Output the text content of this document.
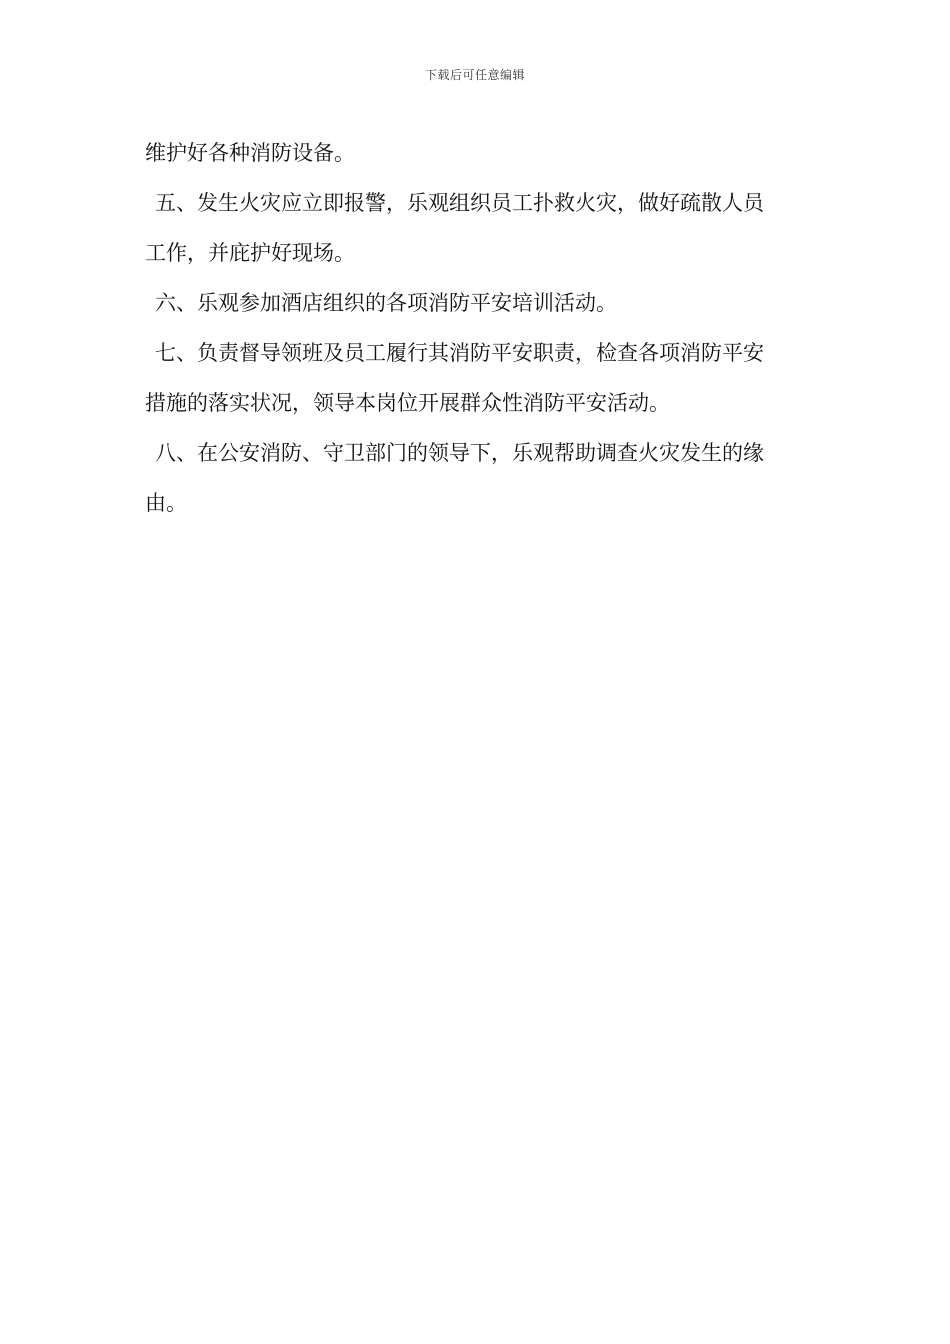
下载后可任意编辑
维护好各种消防设备。
五、发生火灾应立即报警，乐观组织员工扑救火灾，做好疏散人员
工作，并庇护好现场。
六、乐观参加酒店组织的各项消防平安培训活动。
七、负责督导领班及员工履行其消防平安职责，检查各项消防平安
措施的落实状况，领导本岗位开展群众性消防平安活动。
八、在公安消防、守卫部门的领导下，乐观帮助调查火灾发生的缘
由。
